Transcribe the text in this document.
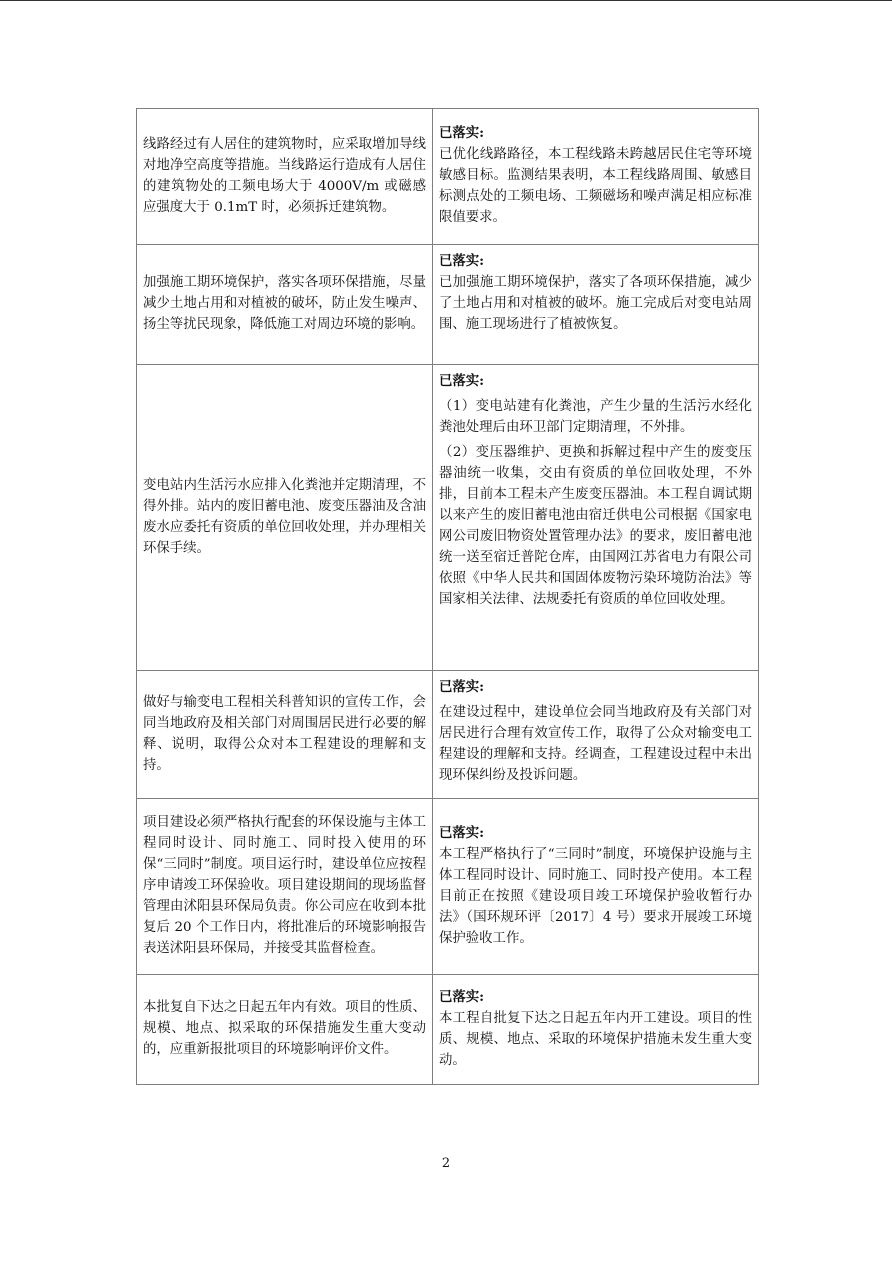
线路经过有人居住的建筑物时，应采取增加导线对地净空高度等措施。当线路运行造成有人居住的建筑物处的工频电场大于 4000V/m 或磁感应强度大于 0.1mT 时，必须拆迁建筑物。	已落实:
已优化线路路径，本工程线路未跨越居民住宅等环境敏感目标。监测结果表明，本工程线路周围、敏感目标测点处的工频电场、工频磁场和噪声满足相应标准限值要求。

加强施工期环境保护，落实各项环保措施，尽量减少土地占用和对植被的破坏，防止发生噪声、扬尘等扰民现象，降低施工对周边环境的影响。	已落实:
已加强施工期环境保护，落实了各项环保措施，减少了土地占用和对植被的破坏。施工完成后对变电站周围、施工现场进行了植被恢复。

变电站内生活污水应排入化粪池并定期清理，不得外排。站内的废旧蓄电池、废变压器油及含油废水应委托有资质的单位回收处理，并办理相关环保手续。	已落实:
（1）变电站建有化粪池，产生少量的生活污水经化粪池处理后由环卫部门定期清理，不外排。
（2）变压器维护、更换和拆解过程中产生的废变压器油统一收集，交由有资质的单位回收处理，不外排，目前本工程未产生废变压器油。本工程自调试期以来产生的废旧蓄电池由宿迁供电公司根据《国家电网公司废旧物资处置管理办法》的要求，废旧蓄电池统一送至宿迁普陀仓库，由国网江苏省电力有限公司依照《中华人民共和国固体废物污染环境防治法》等国家相关法律、法规委托有资质的单位回收处理。

做好与输变电工程相关科普知识的宣传工作，会同当地政府及相关部门对周围居民进行必要的解释、说明，取得公众对本工程建设的理解和支持。	已落实:
在建设过程中，建设单位会同当地政府及有关部门对居民进行合理有效宣传工作，取得了公众对输变电工程建设的理解和支持。经调查，工程建设过程中未出现环保纠纷及投诉问题。

项目建设必须严格执行配套的环保设施与主体工程同时设计、同时施工、同时投入使用的环保“三同时”制度。项目运行时，建设单位应按程序申请竣工环保验收。项目建设期间的现场监督管理由沭阳县环保局负责。你公司应在收到本批复后 20 个工作日内，将批准后的环境影响报告表送沭阳县环保局，并接受其监督检查。	已落实:
本工程严格执行了“三同时”制度，环境保护设施与主体工程同时设计、同时施工、同时投产使用。本工程目前正在按照《建设项目竣工环境保护验收暂行办法》（国环规环评〔2017〕4 号）要求开展竣工环境保护验收工作。

本批复自下达之日起五年内有效。项目的性质、规模、地点、拟采取的环保措施发生重大变动的，应重新报批项目的环境影响评价文件。	已落实:
本工程自批复下达之日起五年内开工建设。项目的性质、规模、地点、采取的环境保护措施未发生重大变动。
2
